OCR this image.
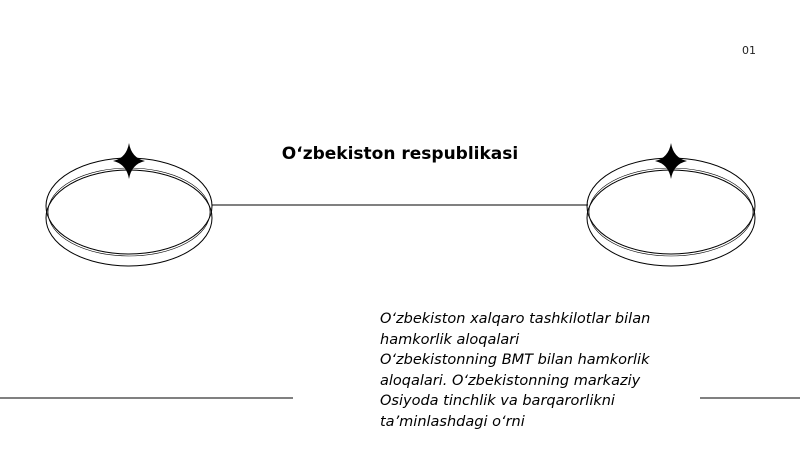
01
O‘zbekiston respublikasi
O‘zbekiston xalqaro tashkilotlar bilan
hamkorlik aloqalari
O‘zbekistonning BMT bilan hamkorlik
aloqalari. O‘zbekistonning markaziy
Osiyoda tinchlik va barqarorlikni
ta’minlashdagi o‘rni
